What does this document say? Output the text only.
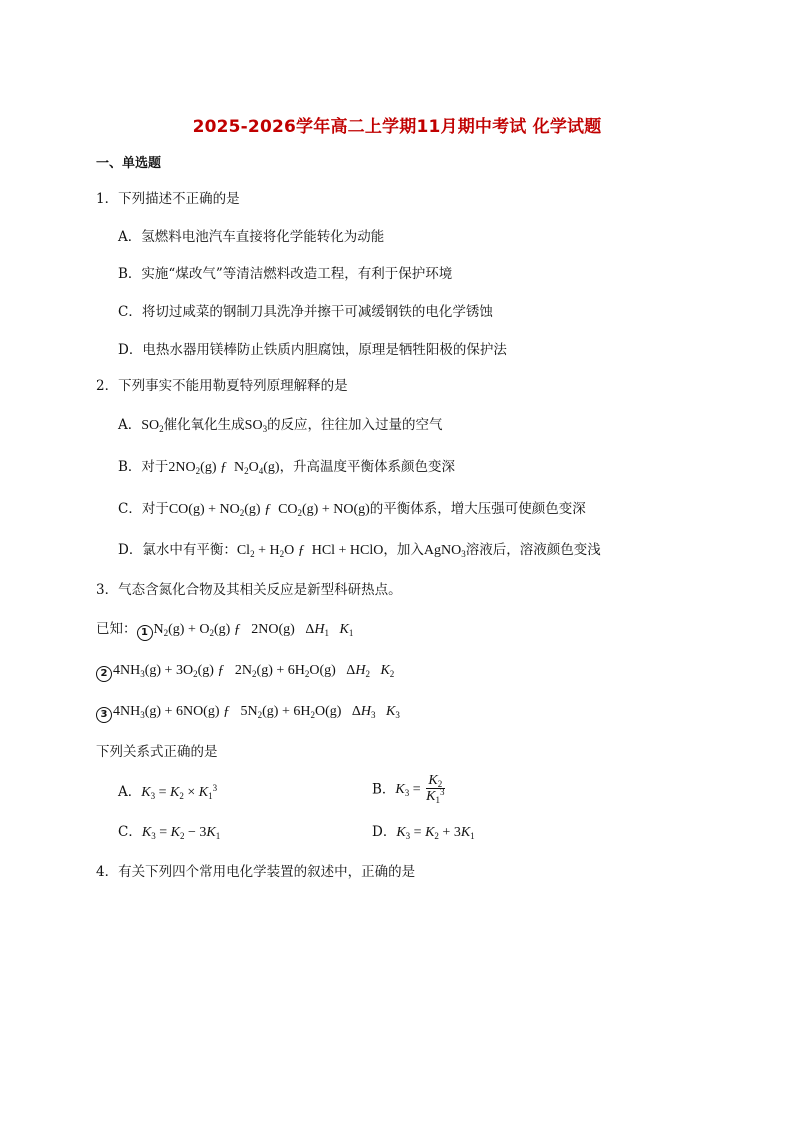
2025-2026学年高二上学期11月期中考试 化学试题
一、单选题
1．下列描述不正确的是
A．氢燃料电池汽车直接将化学能转化为动能
B．实施“煤改气”等清洁燃料改造工程，有利于保护环境
C．将切过咸菜的钢制刀具洗净并擦干可减缓钢铁的电化学锈蚀
D．电热水器用镁棒防止铁质内胆腐蚀，原理是牺牲阳极的保护法
2．下列事实不能用勒夏特列原理解释的是
A．$SO_2$催化氧化生成$SO_3$的反应，往往加入过量的空气
B．对于$2NO_2(g)$ ƒ  $N_2O_4(g)$，升高温度平衡体系颜色变深
C．对于$CO(g) + NO_2(g)$ ƒ  $CO_2(g) + NO(g)$的平衡体系，增大压强可使颜色变深
D．氯水中有平衡：$Cl_2 + H_2O$ ƒ  HCl + HClO，加入AgNO$_3$溶液后，溶液颜色变浅
3．气态含氮化合物及其相关反应是新型科研热点。
已知： 1 $N_2(g) + O_2(g)$ ƒ   2NO(g)   $\Delta H_1$ $K_1$
2 $4NH_3(g) + 3O_2(g)$ ƒ   $2N_2(g) + 6H_2O(g)$   $\Delta H_2$ $K_2$
3 $4NH_3(g) + 6NO(g)$ ƒ   $5N_2(g) + 6H_2O(g)$   $\Delta H_3$ $K_3$
下列关系式正确的是
A．$K_3 = K_2 \times K_1^3$	B．$K_3 = \frac{K_2}{K_1^3}$
C．$K_3 = K_2 - 3K_1$	D．$K_3 = K_2 + 3K_1$
4．有关下列四个常用电化学装置的叙述中，正确的是
